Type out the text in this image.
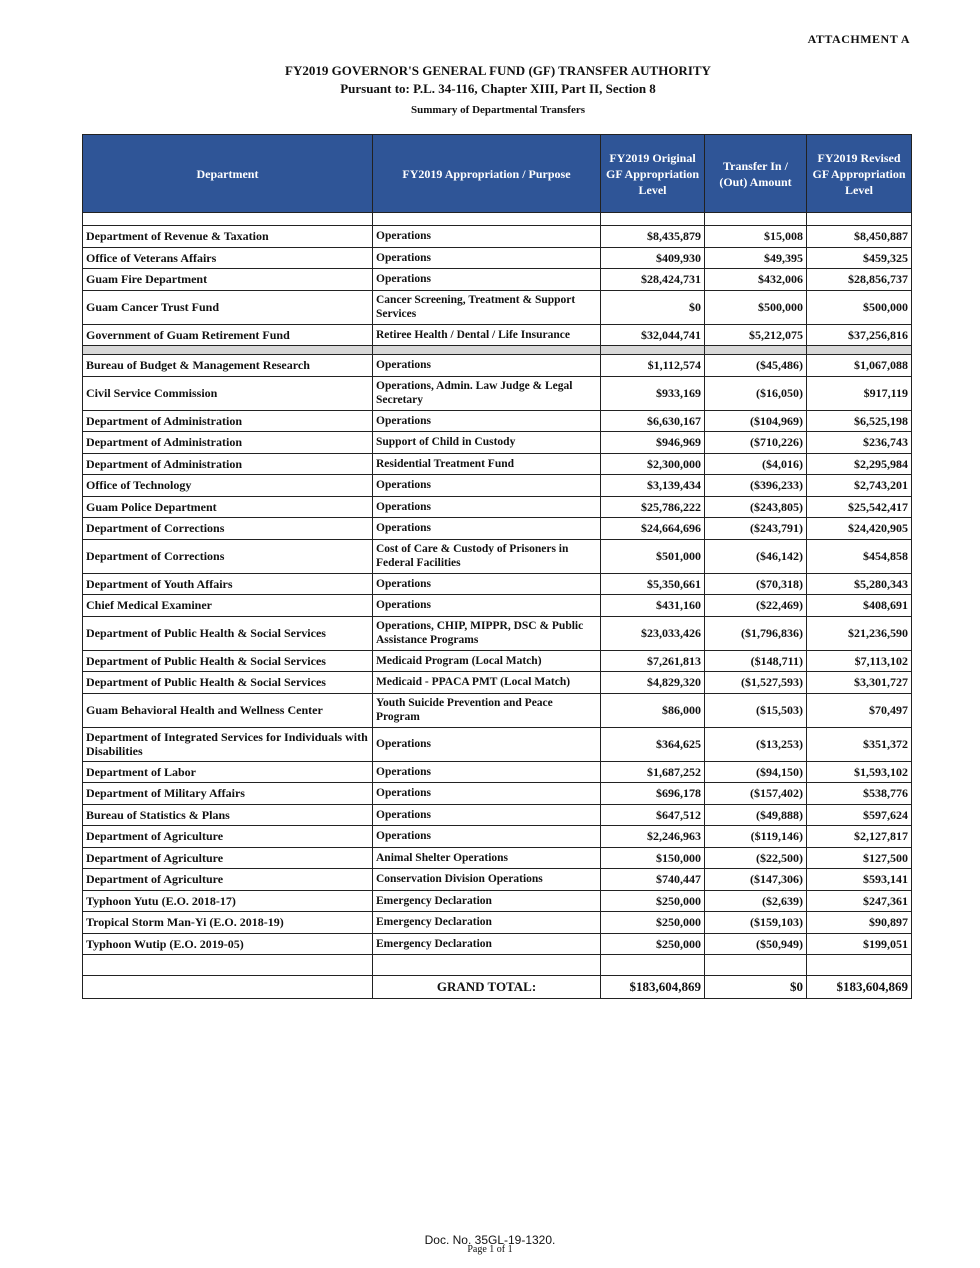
ATTACHMENT A
FY2019 GOVERNOR'S GENERAL FUND (GF) TRANSFER AUTHORITY
Pursuant to: P.L. 34-116, Chapter XIII, Part II, Section 8
Summary of Departmental Transfers
Department	FY2019 Appropriation / Purpose	FY2019 Original GF Appropriation Level	Transfer In / (Out) Amount	FY2019 Revised GF Appropriation Level

Department of Revenue & Taxation	Operations	$8,435,879	$15,008	$8,450,887
Office of Veterans Affairs	Operations	$409,930	$49,395	$459,325
Guam Fire Department	Operations	$28,424,731	$432,006	$28,856,737
Guam Cancer Trust Fund	Cancer Screening, Treatment & Support Services	$0	$500,000	$500,000
Government of Guam Retirement Fund	Retiree Health / Dental / Life Insurance	$32,044,741	$5,212,075	$37,256,816

Bureau of Budget & Management Research	Operations	$1,112,574	($45,486)	$1,067,088
Civil Service Commission	Operations, Admin. Law Judge & Legal Secretary	$933,169	($16,050)	$917,119
Department of Administration	Operations	$6,630,167	($104,969)	$6,525,198
Department of Administration	Support of Child in Custody	$946,969	($710,226)	$236,743
Department of Administration	Residential Treatment Fund	$2,300,000	($4,016)	$2,295,984
Office of Technology	Operations	$3,139,434	($396,233)	$2,743,201
Guam Police Department	Operations	$25,786,222	($243,805)	$25,542,417
Department of Corrections	Operations	$24,664,696	($243,791)	$24,420,905
Department of Corrections	Cost of Care & Custody of Prisoners in Federal Facilities	$501,000	($46,142)	$454,858
Department of Youth Affairs	Operations	$5,350,661	($70,318)	$5,280,343
Chief Medical Examiner	Operations	$431,160	($22,469)	$408,691
Department of Public Health & Social Services	Operations, CHIP, MIPPR, DSC & Public Assistance Programs	$23,033,426	($1,796,836)	$21,236,590
Department of Public Health & Social Services	Medicaid Program (Local Match)	$7,261,813	($148,711)	$7,113,102
Department of Public Health & Social Services	Medicaid - PPACA PMT (Local Match)	$4,829,320	($1,527,593)	$3,301,727
Guam Behavioral Health and Wellness Center	Youth Suicide Prevention and Peace Program	$86,000	($15,503)	$70,497
Department of Integrated Services for Individuals with Disabilities	Operations	$364,625	($13,253)	$351,372
Department of Labor	Operations	$1,687,252	($94,150)	$1,593,102
Department of Military Affairs	Operations	$696,178	($157,402)	$538,776
Bureau of Statistics & Plans	Operations	$647,512	($49,888)	$597,624
Department of Agriculture	Operations	$2,246,963	($119,146)	$2,127,817
Department of Agriculture	Animal Shelter Operations	$150,000	($22,500)	$127,500
Department of Agriculture	Conservation Division Operations	$740,447	($147,306)	$593,141
Typhoon Yutu (E.O. 2018-17)	Emergency Declaration	$250,000	($2,639)	$247,361
Tropical Storm Man-Yi (E.O. 2018-19)	Emergency Declaration	$250,000	($159,103)	$90,897
Typhoon Wutip (E.O. 2019-05)	Emergency Declaration	$250,000	($50,949)	$199,051

	GRAND TOTAL:	$183,604,869	$0	$183,604,869
Doc. No. 35GL-19-1320.
Page 1 of 1
